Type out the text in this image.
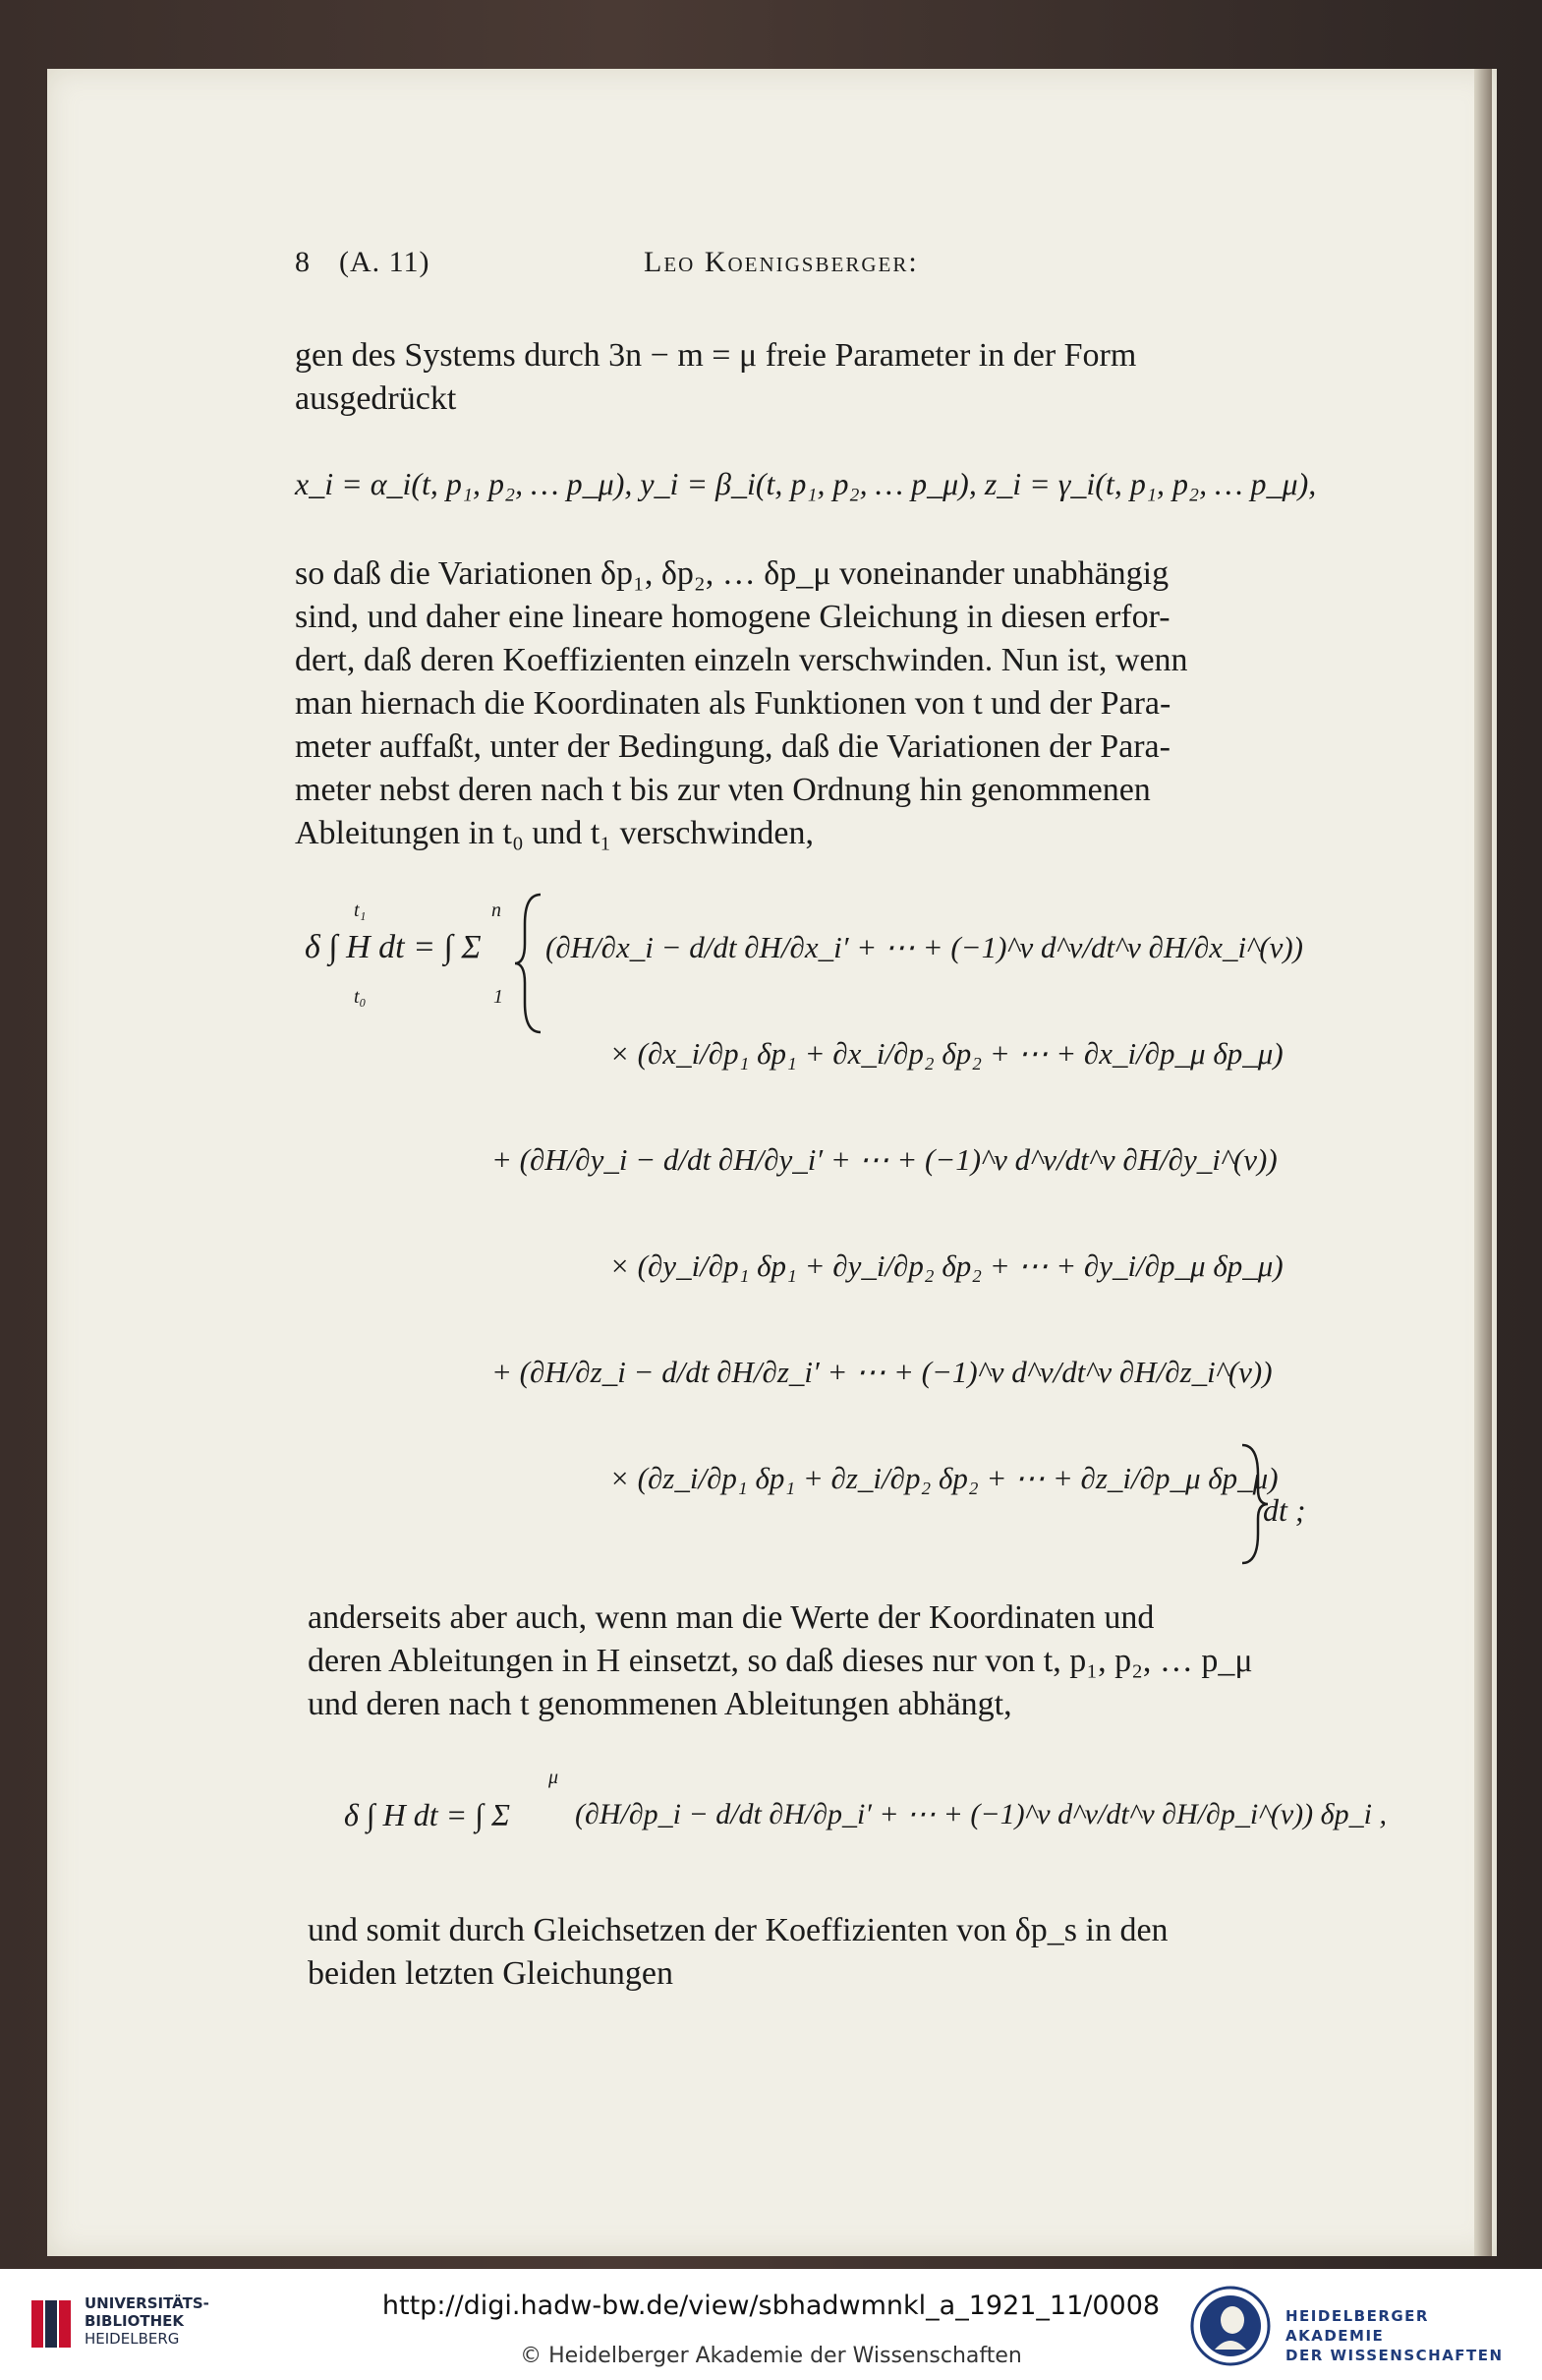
8 (A. 11)	Leo Koenigsberger:
gen des Systems durch 3n − m = μ freie Parameter in der Form
ausgedrückt
x_i = α_i(t, p₁, p₂, … p_μ), y_i = β_i(t, p₁, p₂, … p_μ), z_i = γ_i(t, p₁, p₂, … p_μ),
so daß die Variationen δp₁, δp₂, … δp_μ voneinander unabhängig
sind, und daher eine lineare homogene Gleichung in diesen erfor-
dert, daß deren Koeffizienten einzeln verschwinden. Nun ist, wenn
man hiernach die Koordinaten als Funktionen von t und der Para-
meter auffaßt, unter der Bedingung, daß die Variationen der Para-
meter nebst deren nach t bis zur νten Ordnung hin genommenen
Ableitungen in t₀ und t₁ verschwinden,
δ ∫ H dt = ∫ Σ
t₁
t₀
n
1
(∂H/∂x_i − d/dt ∂H/∂x_i′ + ⋯ + (−1)^ν d^ν/dt^ν ∂H/∂x_i^(ν))
× (∂x_i/∂p₁ δp₁ + ∂x_i/∂p₂ δp₂ + ⋯ + ∂x_i/∂p_μ δp_μ)
+ (∂H/∂y_i − d/dt ∂H/∂y_i′ + ⋯ + (−1)^ν d^ν/dt^ν ∂H/∂y_i^(ν))
× (∂y_i/∂p₁ δp₁ + ∂y_i/∂p₂ δp₂ + ⋯ + ∂y_i/∂p_μ δp_μ)
+ (∂H/∂z_i − d/dt ∂H/∂z_i′ + ⋯ + (−1)^ν d^ν/dt^ν ∂H/∂z_i^(ν))
× (∂z_i/∂p₁ δp₁ + ∂z_i/∂p₂ δp₂ + ⋯ + ∂z_i/∂p_μ δp_μ)
dt ;
anderseits aber auch, wenn man die Werte der Koordinaten und
deren Ableitungen in H einsetzt, so daß dieses nur von t, p₁, p₂, … p_μ
und deren nach t genommenen Ableitungen abhängt,
δ ∫ H dt = ∫ Σ
μ
(∂H/∂p_i − d/dt ∂H/∂p_i′ + ⋯ + (−1)^ν d^ν/dt^ν ∂H/∂p_i^(ν)) δp_i ,
und somit durch Gleichsetzen der Koeffizienten von δp_s in den
beiden letzten Gleichungen
UNIVERSITÄTS-
BIBLIOTHEK
HEIDELBERG
http://digi.hadw-bw.de/view/sbhadwmnkl_a_1921_11/0008
© Heidelberger Akademie der Wissenschaften
HEIDELBERGER AKADEMIE
DER WISSENSCHAFTEN
